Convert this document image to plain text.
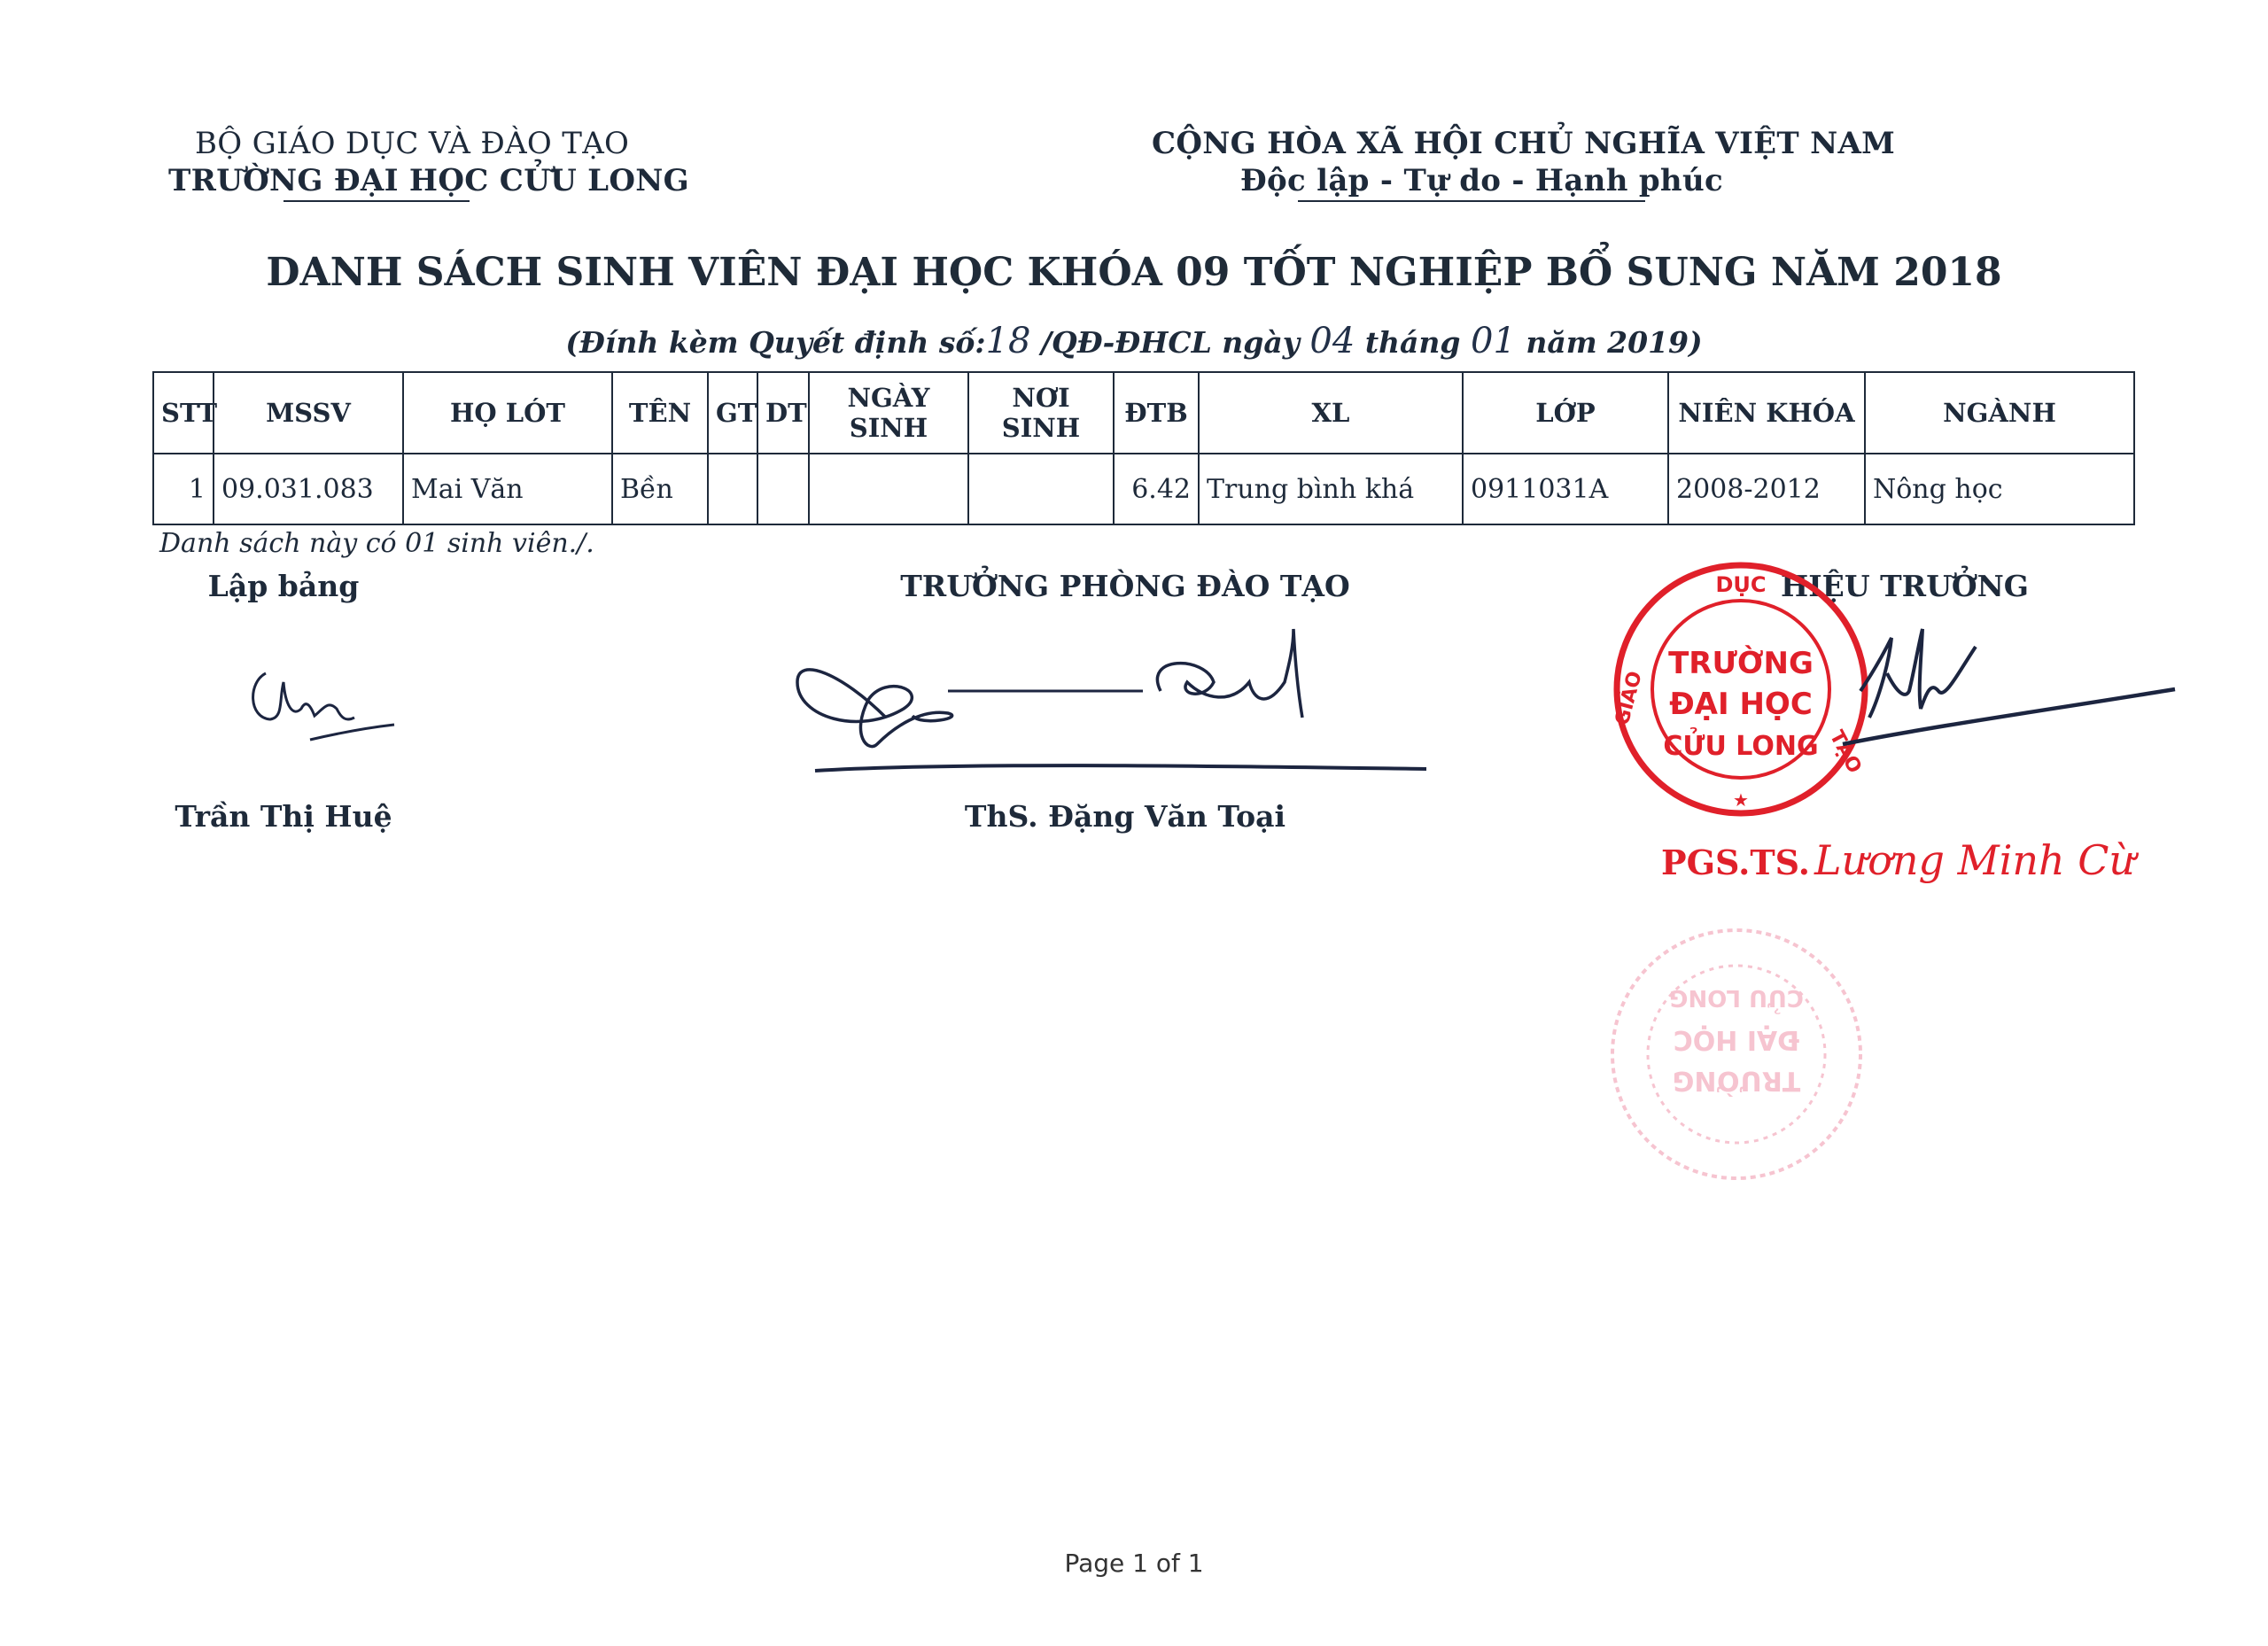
BỘ GIÁO DỤC VÀ ĐÀO TẠO
TRƯỜNG ĐẠI HỌC CỬU LONG
CỘNG HÒA XÃ HỘI CHỦ NGHĨA VIỆT NAM
Độc lập - Tự do - Hạnh phúc
DANH SÁCH SINH VIÊN ĐẠI HỌC KHÓA 09 TỐT NGHIỆP BỔ SUNG NĂM 2018
(Đính kèm Quyết định số:18 /QĐ-ĐHCL ngày 04 tháng 01 năm 2019)
STT	MSSV	HỌ LÓT	TÊN	GT	DT	NGÀY SINH	NƠI SINH	ĐTB	XL	LỚP	NIÊN KHÓA	NGÀNH
1	09.031.083	Mai Văn	Bền					6.42	Trung bình khá	0911031A	2008-2012	Nông học
Danh sách này có 01 sinh viên./.
Lập bảng	TRƯỞNG PHÒNG ĐÀO TẠO	HIỆU TRƯỞNG
Trần Thị Huệ	ThS. Đặng Văn Toại
DỤC
GIÁO
TẠO
TRƯỜNG
ĐẠI HỌC
CỬU LONG
★
PGS.TS. Lương Minh Cừ
TRƯỜNG
ĐẠI HỌC
CỬU LONG
Page 1 of 1
